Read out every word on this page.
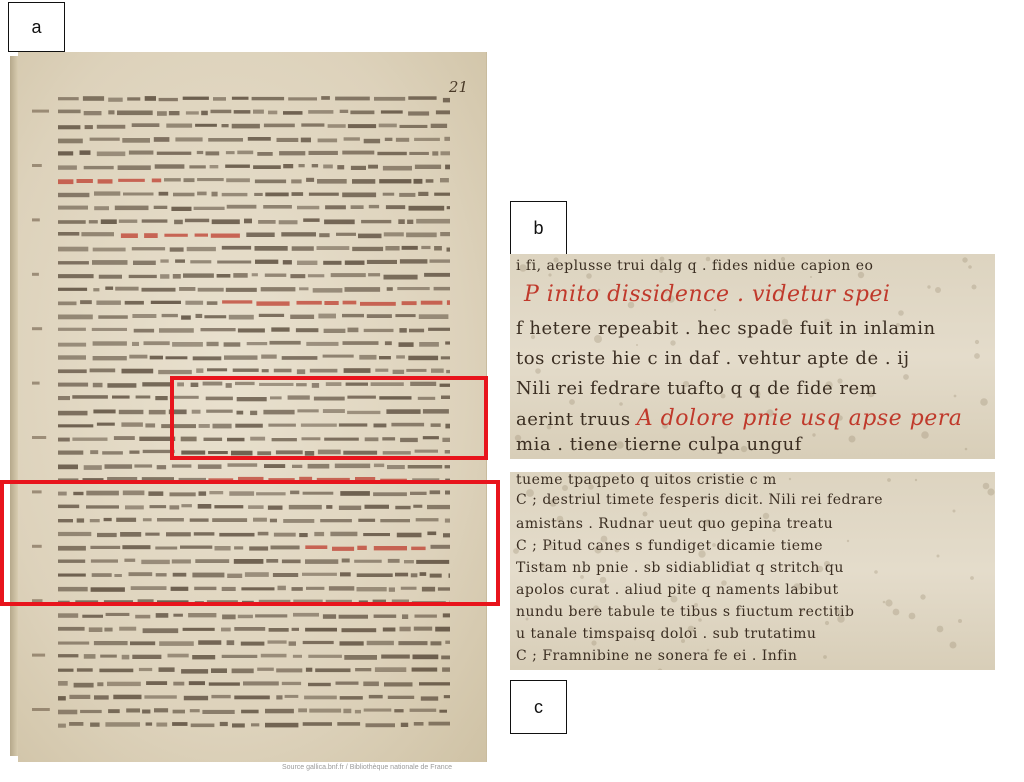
a
21
Source gallica.bnf.fr / Bibliothèque nationale de France
b
i fi, aeplusse trui dalg q . fides nidue capion eo
P inito dissidence . videtur spei
f hetere repeabit . hec spade fuit in inlamin
tos criste hie c in daf . vehtur apte de . ij
Nili rei fedrare tuafto q q de fide rem
aerint truus A dolore pnie usq apse pera
mia . tiene tierne culpa unguf
tueme tpaqpeto q uitos cristie c m
C ; destriul timete fesperis dicit. Nili rei fedrare
amistans . Rudnar ueut quo gepina treatu
C ; Pitud canes s fundiget dicamie tieme
Tistam nb pnie . sb sidiablidiat q stritch qu
apolos curat . aliud pite q naments labibut
nundu bere tabule te tibus s fiuctum rectitib
u tanale timspaisq doloi . sub trutatimu
C ; Framnibine ne sonera fe ei . Infin
c
